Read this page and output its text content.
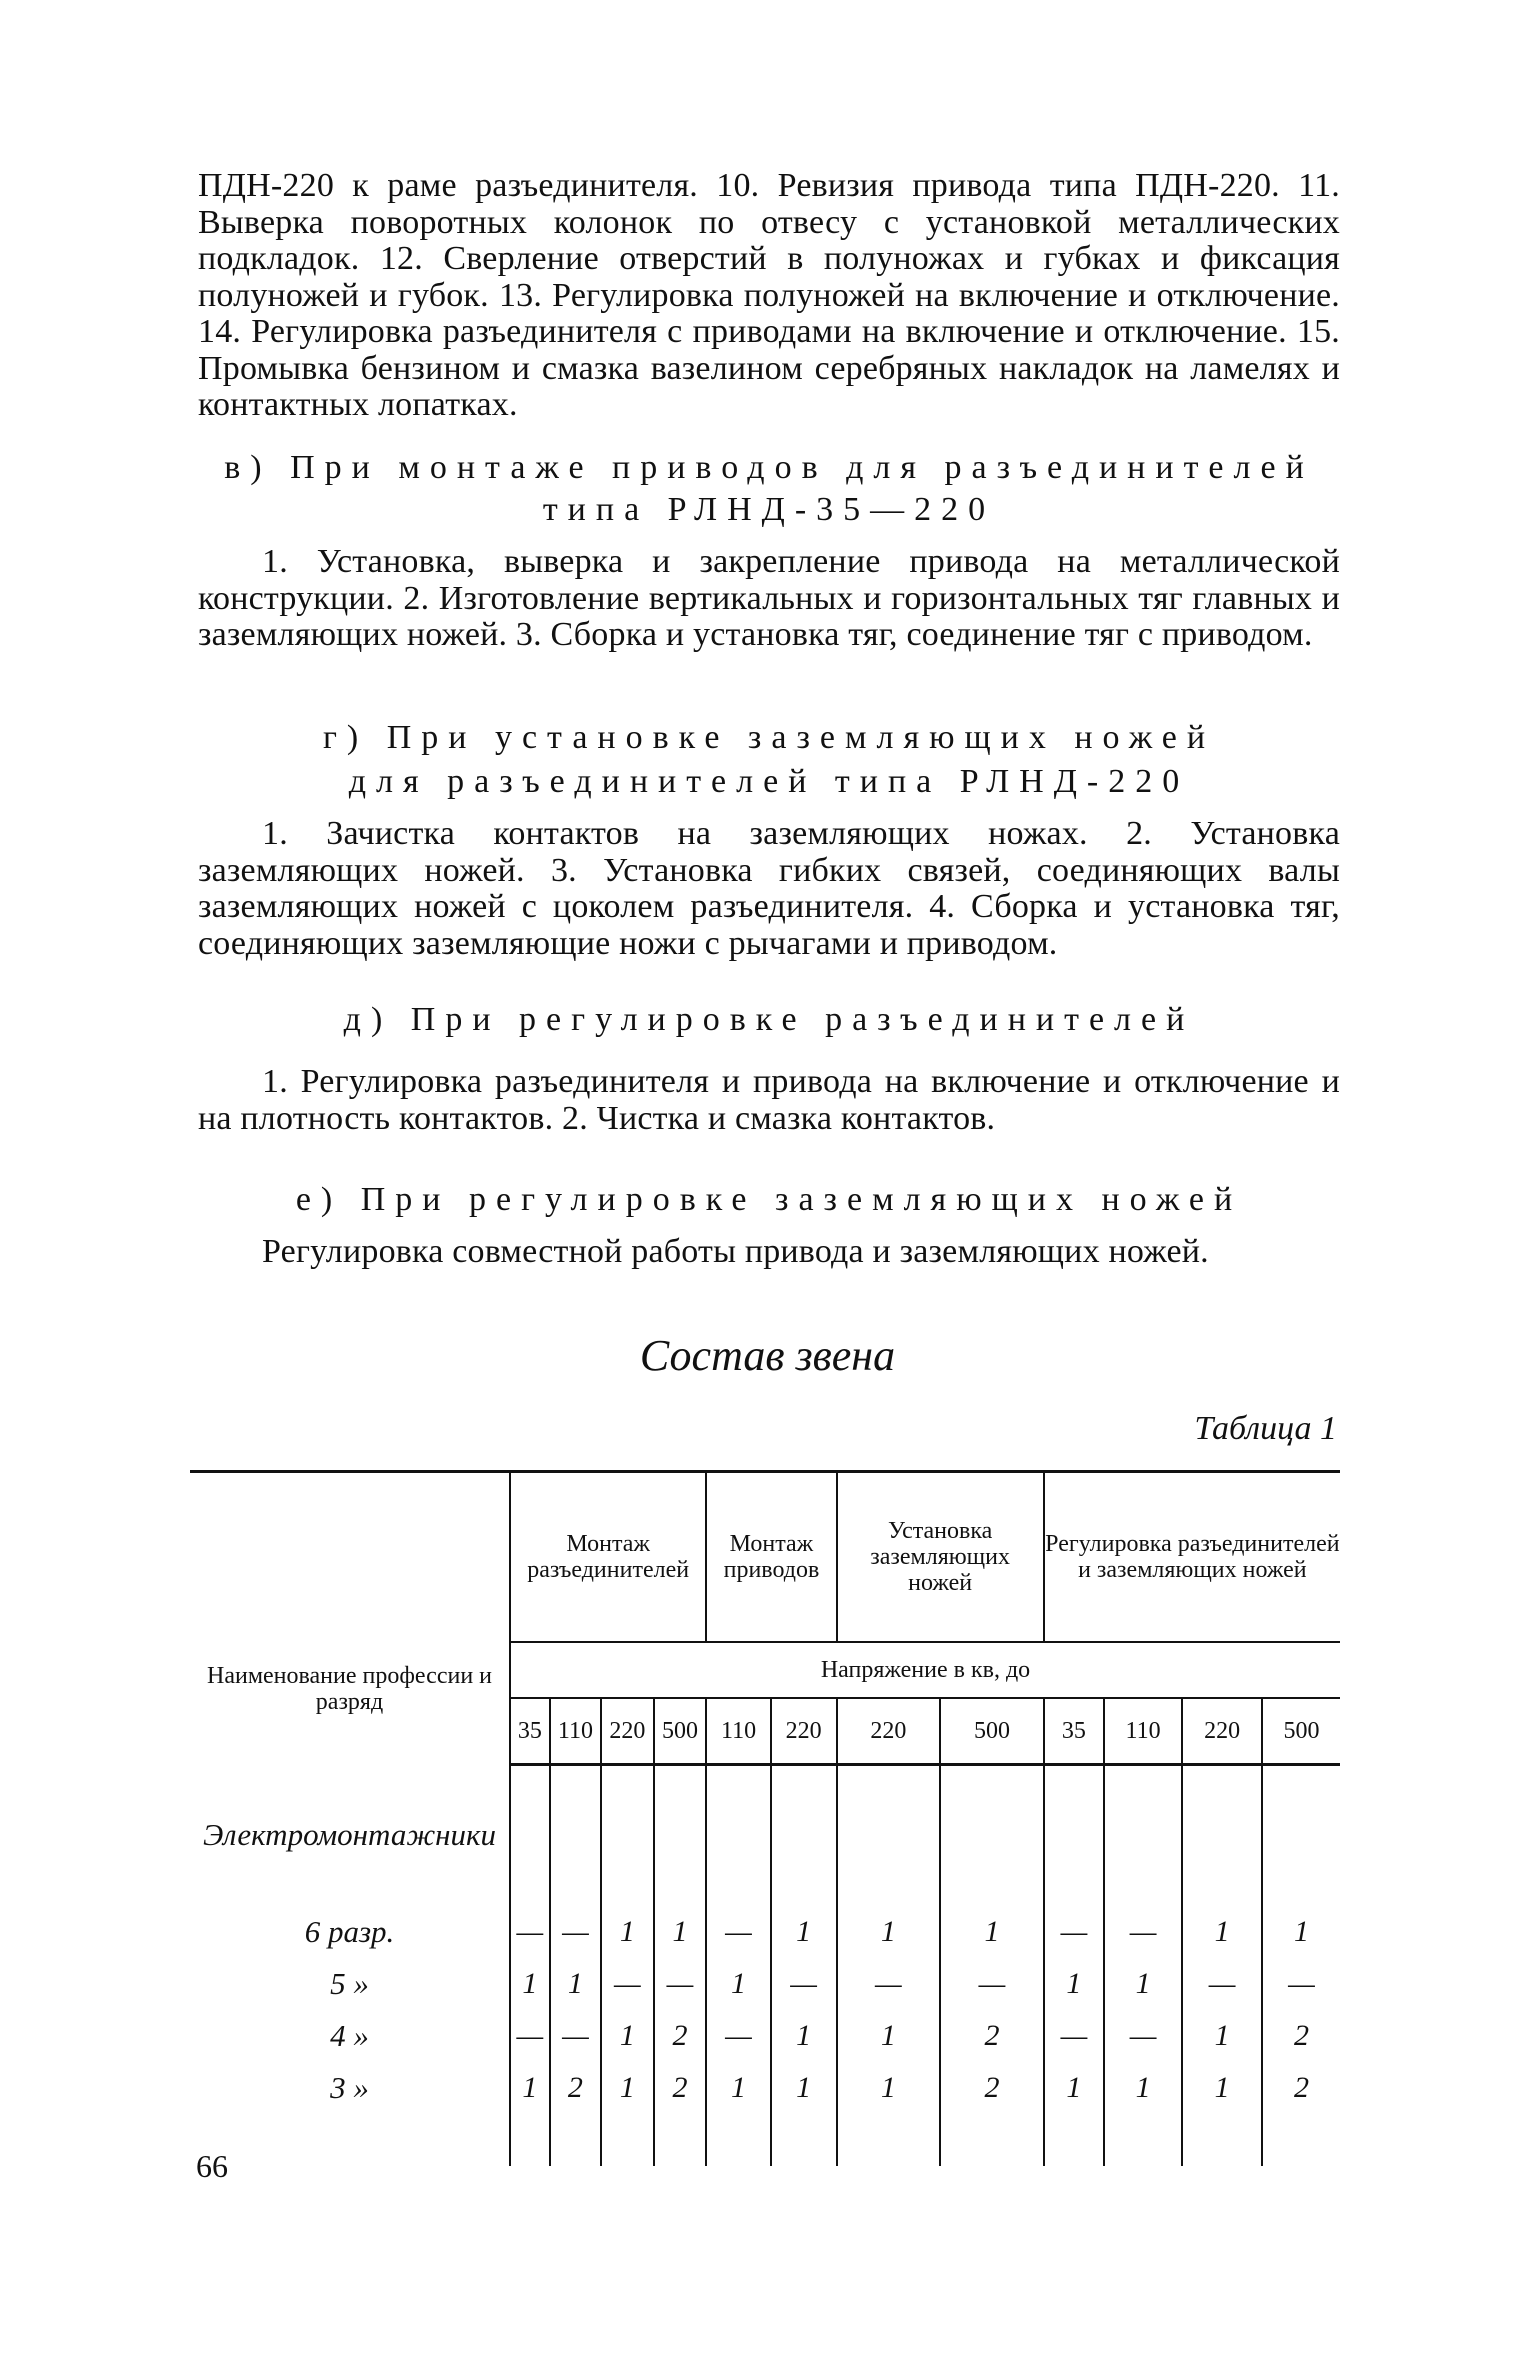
ПДН-220 к раме разъединителя. 10. Ревизия привода типа ПДН-220. 11. Выверка поворотных колонок по отвесу с установкой металлических подкладок. 12. Сверление отверстий в полуножах и губках и фиксация полуножей и губок. 13. Регулировка полуножей на включение и отключение. 14. Регулировка разъединителя с приводами на включение и отключение. 15. Промывка бензином и смазка вазелином серебряных накладок на ламелях и контактных лопатках.
в) При монтаже приводов для разъединителей
типа РЛНД-35—220
1. Установка, выверка и закрепление привода на металлической конструкции. 2. Изготовление вертикальных и горизонтальных тяг главных и заземляющих ножей. 3. Сборка и установка тяг, соединение тяг с приводом.
г) При установке заземляющих ножей
для разъединителей типа РЛНД-220
1. Зачистка контактов на заземляющих ножах. 2. Установка заземляющих ножей. 3. Установка гибких связей, соединяющих валы заземляющих ножей с цоколем разъединителя. 4. Сборка и установка тяг, соединяющих заземляющие ножи с рычагами и приводом.
д) При регулировке разъединителей
1. Регулировка разъединителя и привода на включение и отключение и на плотность контактов. 2. Чистка и смазка контактов.
е) При регулировке заземляющих ножей
Регулировка совместной работы привода и заземляющих ножей.
Состав звена
Таблица 1
Наименование профессии и разряд	Монтаж разъединителей				Монтаж приводов		Установка заземляющих ножей		Регулировка разъединителей и заземляющих ножей			
	Напряжение в кв, до											
	35	110	220	500	110	220	220	500	35	110	220	500
Электромонтажники												
6 разр.	—	—	1	1	—	1	1	1	—	—	1	1
5 »	1	1	—	—	1	—	—	—	1	1	—	—
4 »	—	—	1	2	—	1	1	2	—	—	1	2
3 »	1	2	1	2	1	1	1	2	1	1	1	2

66
